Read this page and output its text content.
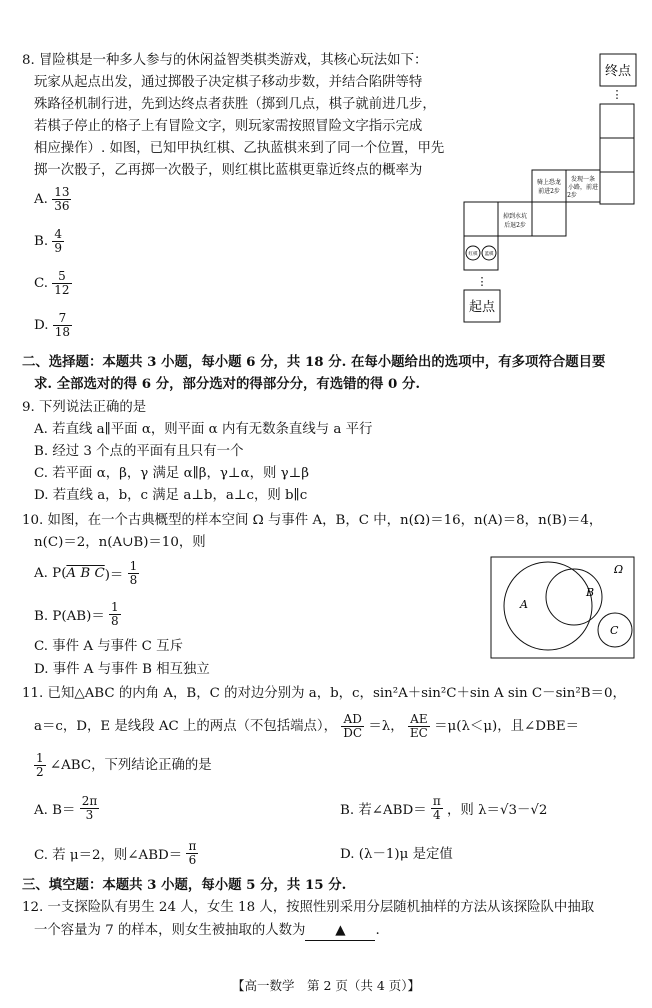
8. 冒险棋是一种多人参与的休闲益智类棋类游戏，其核心玩法如下：
玩家从起点出发，通过掷骰子决定棋子移动步数，并结合陷阱等特
殊路径机制行进，先到达终点者获胜（掷到几点，棋子就前进几步，
若棋子停止的格子上有冒险文字，则玩家需按照冒险文字指示完成
相应操作）. 如图，已知甲执红棋、乙执蓝棋来到了同一个位置，甲先
掷一次骰子，乙再掷一次骰子，则红棋比蓝棋更靠近终点的概率为
A. $\frac{13}{36}$
B. $\frac{4}{9}$
C. $\frac{5}{12}$
D. $\frac{7}{18}$
终点
⋮
掉到水坑
后退2步
骑上恐龙
前进2步
发现一条
小路，前进
2步
红棋 蓝棋
⋮
起点
二、选择题：本题共 3 小题，每小题 6 分，共 18 分. 在每小题给出的选项中，有多项符合题目要
求. 全部选对的得 6 分，部分选对的得部分分，有选错的得 0 分.
9. 下列说法正确的是
A. 若直线 a∥平面 α，则平面 α 内有无数条直线与 a 平行
B. 经过 3 个点的平面有且只有一个
C. 若平面 α，β，γ 满足 α∥β，γ⊥α，则 γ⊥β
D. 若直线 a，b，c 满足 a⊥b，a⊥c，则 b∥c
10. 如图，在一个古典概型的样本空间 Ω 与事件 A，B，C 中，n(Ω)＝16，n(A)＝8，n(B)＝4，
n(C)＝2，n(A∪B)＝10，则
A. P(A B $C)= \frac{1}{8}$
B. $P(AB)= \frac{1}{8}$
C. 事件 A 与事件 C 互斥
D. 事件 A 与事件 B 相互独立
Ω
A
B
C
11. 已知△ABC 的内角 A，B，C 的对边分别为 a，b，c，sin²A＋sin²C＋sin A sin C－sin²B＝0，
a＝c，D，E 是线段 AC 上的两点（不包括端点）， $\frac{AD}{DC} =\lambda$， $\frac{AE}{EC} =\mu(\lambda<\mu)$，且∠DBE＝
$\frac{1}{2}$ ∠ABC，下列结论正确的是
A. $B= \frac{2\pi}{3}$	B. 若∠ABD＝ $\frac{\pi}{4}$ ，则 λ＝√3－√2
C. 若 μ＝2，则∠ABD＝ $\frac{\pi}{6}$	D. (λ－1)μ 是定值
三、填空题：本题共 3 小题，每小题 5 分，共 15 分.
12. 一支探险队有男生 24 人，女生 18 人，按照性别采用分层随机抽样的方法从该探险队中抽取
一个容量为 7 的样本，则女生被抽取的人数为 ▲ .
【高一数学　第 2 页（共 4 页）】
